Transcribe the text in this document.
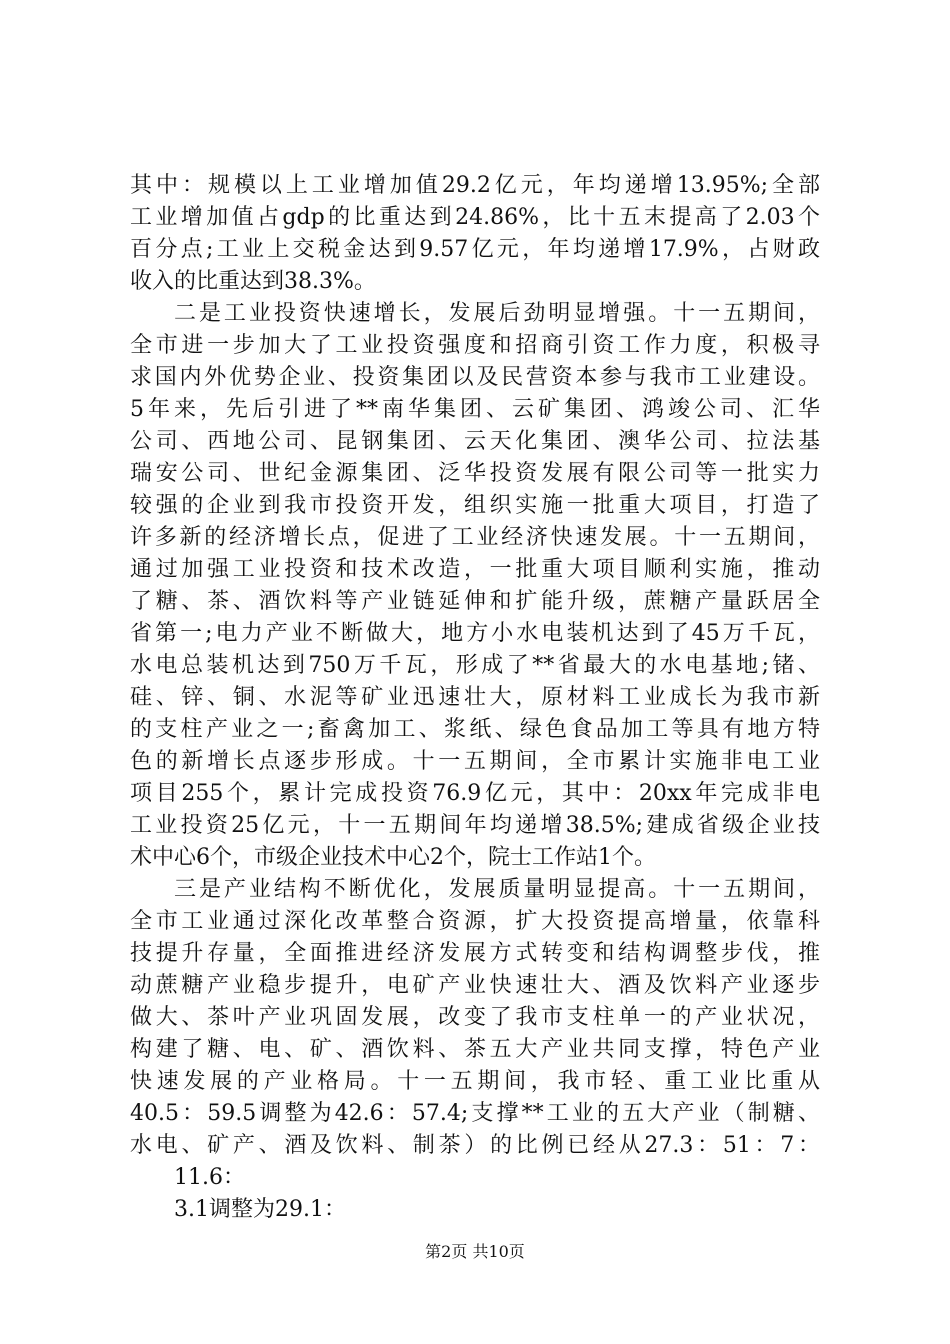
其中：规模以上工业增加值29.2亿元，年均递增13.95%;全部
工业增加值占gdp的比重达到24.86%，比十五末提高了2.03个
百分点;工业上交税金达到9.57亿元，年均递增17.9%，占财政
收入的比重达到38.3%。
二是工业投资快速增长，发展后劲明显增强。十一五期间，
全市进一步加大了工业投资强度和招商引资工作力度，积极寻
求国内外优势企业、投资集团以及民营资本参与我市工业建设。
5年来，先后引进了**南华集团、云矿集团、鸿竣公司、汇华
公司、西地公司、昆钢集团、云天化集团、澳华公司、拉法基
瑞安公司、世纪金源集团、泛华投资发展有限公司等一批实力
较强的企业到我市投资开发，组织实施一批重大项目，打造了
许多新的经济增长点，促进了工业经济快速发展。十一五期间，
通过加强工业投资和技术改造，一批重大项目顺利实施，推动
了糖、茶、酒饮料等产业链延伸和扩能升级，蔗糖产量跃居全
省第一;电力产业不断做大，地方小水电装机达到了45万千瓦，
水电总装机达到750万千瓦，形成了**省最大的水电基地;锗、
硅、锌、铜、水泥等矿业迅速壮大，原材料工业成长为我市新
的支柱产业之一;畜禽加工、浆纸、绿色食品加工等具有地方特
色的新增长点逐步形成。十一五期间，全市累计实施非电工业
项目255个，累计完成投资76.9亿元，其中：20xx年完成非电
工业投资25亿元，十一五期间年均递增38.5%;建成省级企业技
术中心6个，市级企业技术中心2个，院士工作站1个。
三是产业结构不断优化，发展质量明显提高。十一五期间，
全市工业通过深化改革整合资源，扩大投资提高增量，依靠科
技提升存量，全面推进经济发展方式转变和结构调整步伐，推
动蔗糖产业稳步提升，电矿产业快速壮大、酒及饮料产业逐步
做大、茶叶产业巩固发展，改变了我市支柱单一的产业状况，
构建了糖、电、矿、酒饮料、茶五大产业共同支撑，特色产业
快速发展的产业格局。十一五期间，我市轻、重工业比重从
40.5：59.5调整为42.6：57.4;支撑**工业的五大产业（制糖、
水电、矿产、酒及饮料、制茶）的比例已经从27.3：51：7：
11.6：
3.1调整为29.1：
第2页 共10页
